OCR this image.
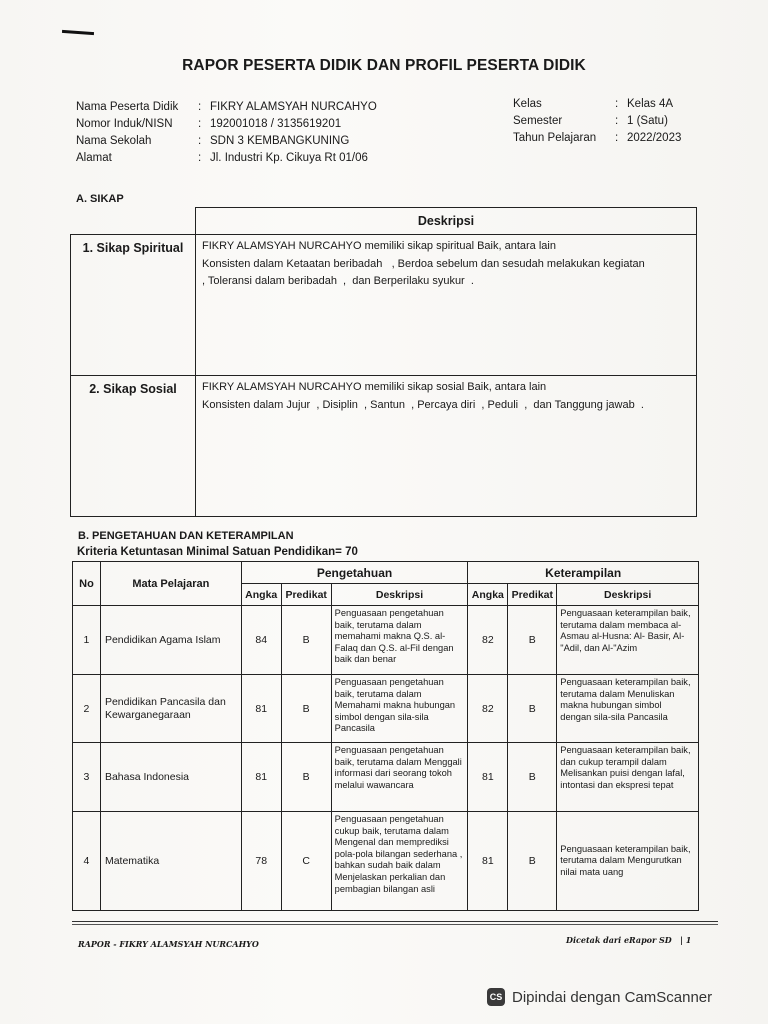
RAPOR PESERTA DIDIK DAN PROFIL PESERTA DIDIK
Nama Peserta Didik	: FIKRY ALAMSYAH NURCAHYO
Nomor Induk/NISN	: 192001018 / 3135619201
Nama Sekolah	: SDN 3 KEMBANGKUNING
Alamat	: Jl. Industri Kp. Cikuya Rt 01/06
Kelas	: Kelas 4A
Semester	: 1 (Satu)
Tahun Pelajaran	: 2022/2023
A. SIKAP
	Deskripsi
1. Sikap Spiritual	FIKRY ALAMSYAH NURCAHYO memiliki sikap spiritual Baik, antara lain
Konsisten dalam Ketaatan beribadah   , Berdoa sebelum dan sesudah melakukan kegiatan
, Toleransi dalam beribadah  ,  dan Berperilaku syukur  .

2. Sikap Sosial	FIKRY ALAMSYAH NURCAHYO memiliki sikap sosial Baik, antara lain
Konsisten dalam Jujur  , Disiplin  , Santun  , Percaya diri  , Peduli  ,  dan Tanggung jawab  .
B. PENGETAHUAN DAN KETERAMPILAN
Kriteria Ketuntasan Minimal Satuan Pendidikan= 70
No	Mata Pelajaran	Pengetahuan			Keterampilan		
		Angka	Predikat	Deskripsi	Angka	Predikat	Deskripsi
1	Pendidikan Agama Islam	84	B	Penguasaan pengetahuan baik, terutama dalam memahami makna Q.S. al-Falaq dan Q.S. al-Fil dengan baik dan benar	82	B	Penguasaan keterampilan baik, terutama dalam membaca al-Asmau al-Husna: Al- Basir, Al-"Adil, dan Al-"Azim
2	Pendidikan Pancasila dan Kewarganegaraan	81	B	Penguasaan pengetahuan baik, terutama dalam Memahami makna hubungan simbol dengan sila-sila Pancasila	82	B	Penguasaan keterampilan baik, terutama dalam Menuliskan makna hubungan simbol dengan sila-sila Pancasila
3	Bahasa Indonesia	81	B	Penguasaan pengetahuan baik, terutama dalam Menggali informasi dari seorang tokoh melalui wawancara	81	B	Penguasaan keterampilan baik, dan cukup terampil dalam Melisankan puisi dengan lafal, intontasi dan ekspresi tepat
4	Matematika	78	C	Penguasaan pengetahuan cukup baik, terutama dalam Mengenal dan memprediksi pola-pola bilangan sederhana , bahkan sudah baik dalam Menjelaskan perkalian dan pembagian bilangan asli	81	B	Penguasaan keterampilan baik, terutama dalam Mengurutkan nilai mata uang
RAPOR - FIKRY ALAMSYAH NURCAHYO	Dicetak dari eRapor SD   | 1
CS Dipindai dengan CamScanner
